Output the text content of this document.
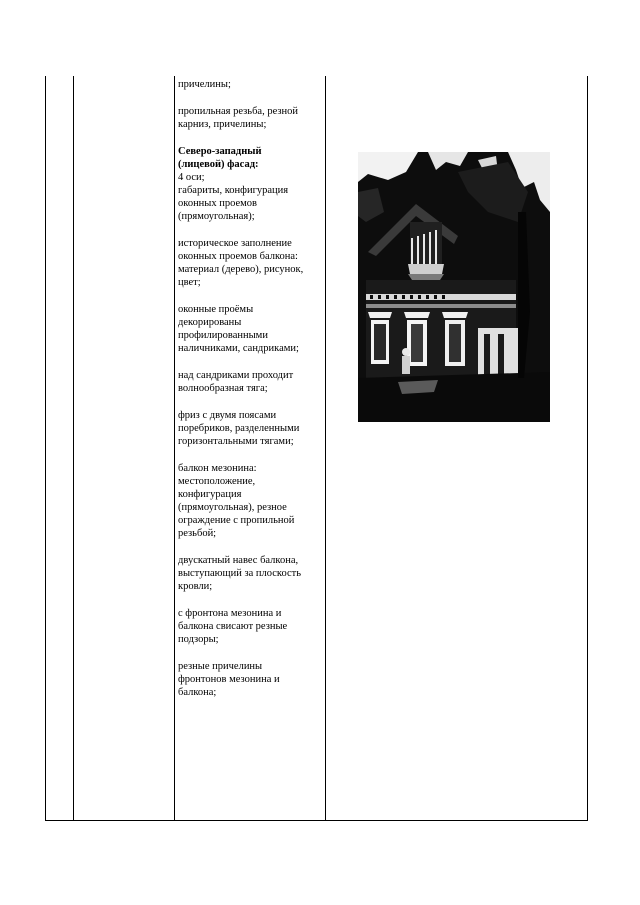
причелины;

пропильная резьба, резной
карниз, причелины;

Северо-западный
(лицевой) фасад:

4 оси;
габариты, конфигурация
оконных проемов
(прямоугольная);

историческое заполнение
оконных проемов балкона:
материал (дерево), рисунок,
цвет;

оконные проёмы
декорированы
профилированными
наличниками, сандриками;

над сандриками проходит
волнообразная тяга;

фриз с двумя поясами
поребриков, разделенными
горизонтальными тягами;

балкон мезонина:
местоположение,
конфигурация
(прямоугольная), резное
ограждение с пропильной
резьбой;

двускатный навес балкона,
выступающий за плоскость
кровли;

с фронтона мезонина и
балкона свисают резные
подзоры;

резные причелины
фронтонов мезонина и
балкона;
